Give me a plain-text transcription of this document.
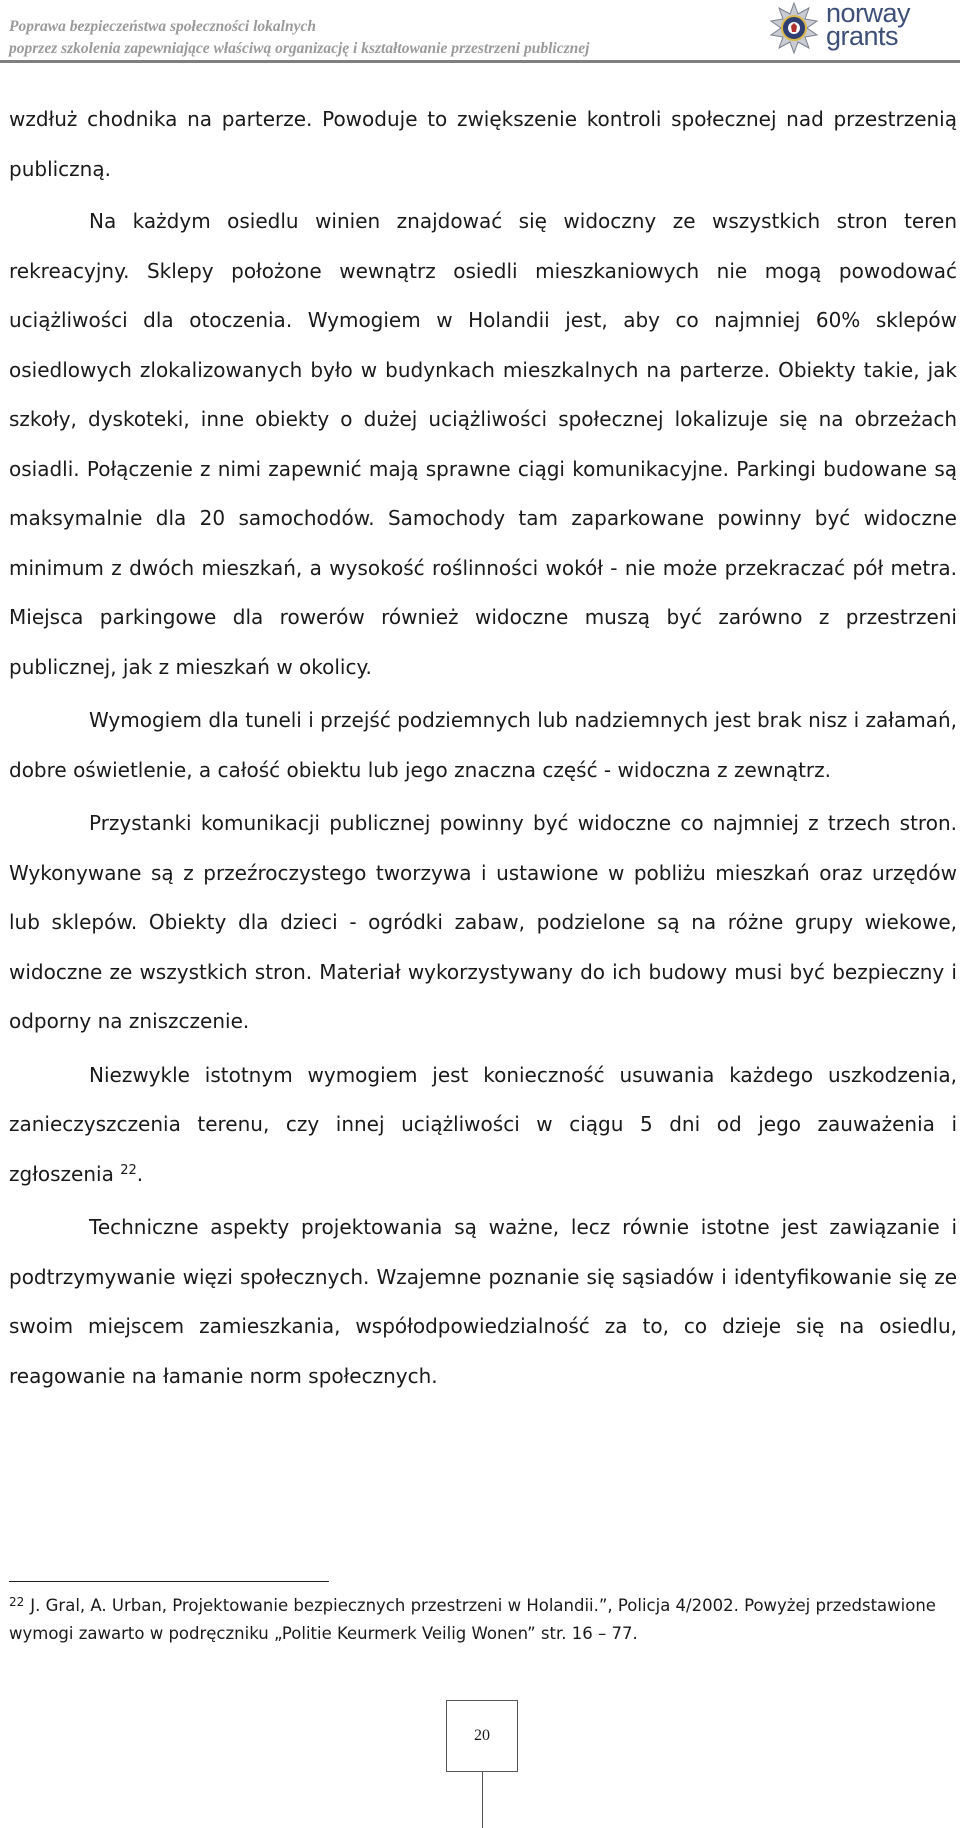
Poprawa bezpieczeństwa społeczności lokalnych
poprzez szkolenia zapewniające właściwą organizację i kształtowanie przestrzeni publicznej
norway
grants

wzdłuż chodnika na parterze. Powoduje to zwiększenie kontroli społecznej nad przestrzenią publiczną.

Na każdym osiedlu winien znajdować się widoczny ze wszystkich stron teren rekreacyjny. Sklepy położone wewnątrz osiedli mieszkaniowych nie mogą powodować uciążliwości dla otoczenia. Wymogiem w Holandii jest, aby co najmniej 60% sklepów osiedlowych zlokalizowanych było w budynkach mieszkalnych na parterze. Obiekty takie, jak szkoły, dyskoteki, inne obiekty o dużej uciążliwości społecznej lokalizuje się na obrzeżach osiadli. Połączenie z nimi zapewnić mają sprawne ciągi komunikacyjne. Parkingi budowane są maksymalnie dla 20 samochodów. Samochody tam zaparkowane powinny być widoczne minimum z dwóch mieszkań, a wysokość roślinności wokół - nie może przekraczać pół metra. Miejsca parkingowe dla rowerów również widoczne muszą być zarówno z przestrzeni publicznej, jak z mieszkań w okolicy.

Wymogiem dla tuneli i przejść podziemnych lub nadziemnych jest brak nisz i załamań, dobre oświetlenie, a całość obiektu lub jego znaczna część - widoczna z zewnątrz.

Przystanki komunikacji publicznej powinny być widoczne co najmniej z trzech stron. Wykonywane są z przeźroczystego tworzywa i ustawione w pobliżu mieszkań oraz urzędów lub sklepów. Obiekty dla dzieci - ogródki zabaw, podzielone są na różne grupy wiekowe, widoczne ze wszystkich stron. Materiał wykorzystywany do ich budowy musi być bezpieczny i odporny na zniszczenie.

Niezwykle istotnym wymogiem jest konieczność usuwania każdego uszkodzenia, zanieczyszczenia terenu, czy innej uciążliwości w ciągu 5 dni od jego zauważenia i zgłoszenia $^{22}$.

Techniczne aspekty projektowania są ważne, lecz równie istotne jest zawiązanie i podtrzymywanie więzi społecznych. Wzajemne poznanie się sąsiadów i identyfikowanie się ze swoim miejscem zamieszkania, współodpowiedzialność za to, co dzieje się na osiedlu, reagowanie na łamanie norm społecznych.

$^{22}$ J. Gral, A. Urban, Projektowanie bezpiecznych przestrzeni w Holandii.”, Policja 4/2002. Powyżej przedstawione wymogi zawarto w podręczniku „Politie Keurmerk Veilig Wonen” str. 16 – 77.
20
